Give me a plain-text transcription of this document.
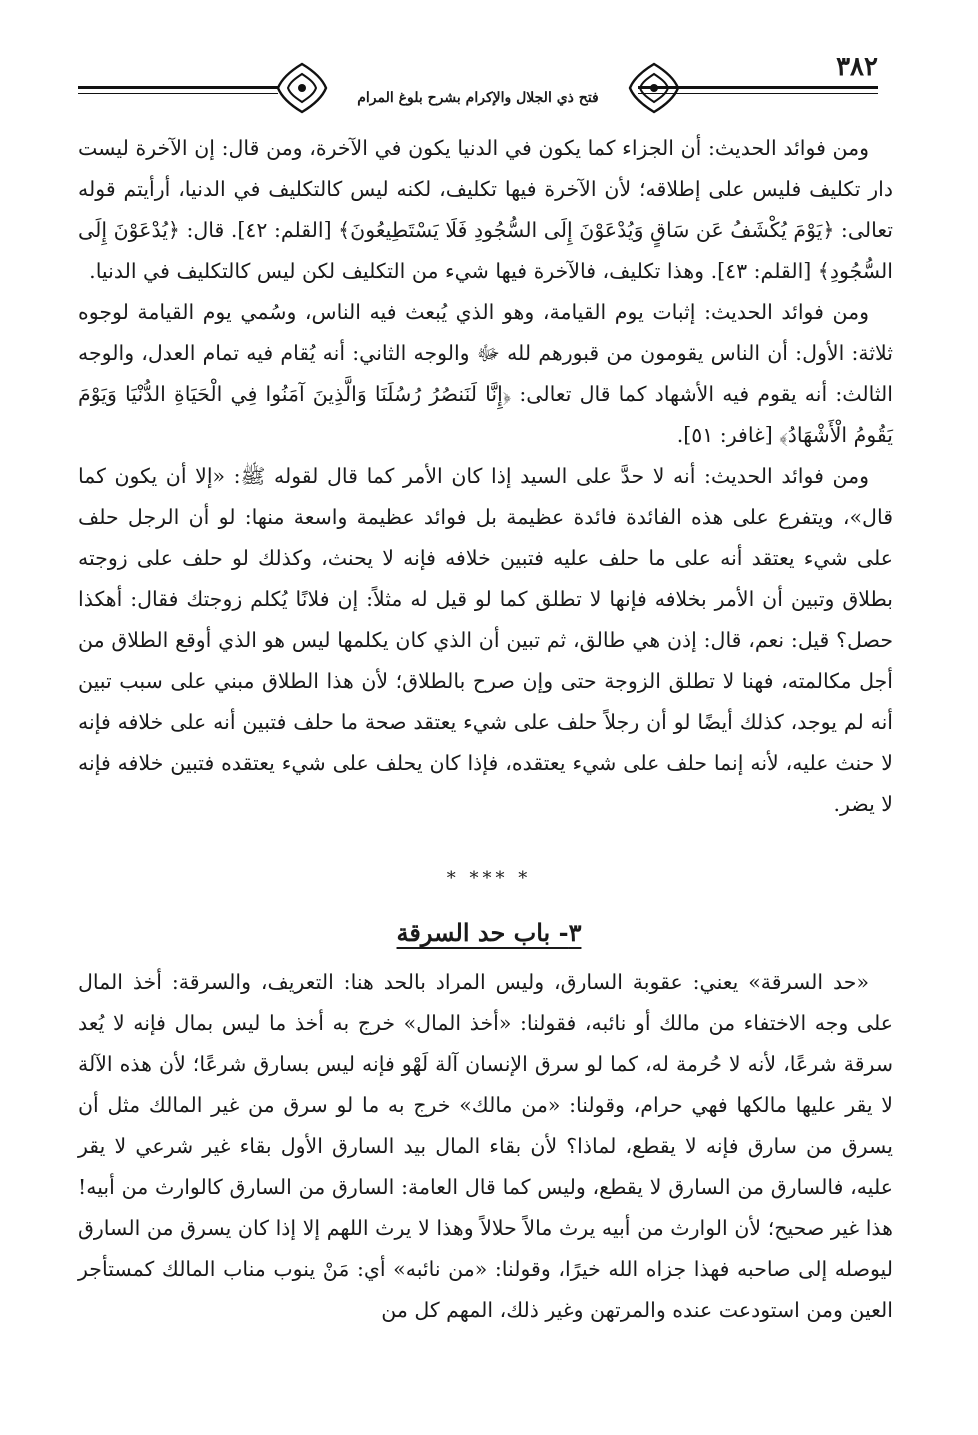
٣٨٢
فتح ذي الجلال والإكرام بشرح بلوغ المرام

ومن فوائد الحديث: أن الجزاء كما يكون في الدنيا يكون في الآخرة، ومن قال: إن الآخرة ليست دار تكليف فليس على إطلاقه؛ لأن الآخرة فيها تكليف، لكنه ليس كالتكليف في الدنيا، أرأيتم قوله تعالى: ﴿يَوْمَ يُكْشَفُ عَن سَاقٍ وَيُدْعَوْنَ إِلَى السُّجُودِ فَلَا يَسْتَطِيعُونَ﴾ [القلم: ٤٢]. قال: ﴿يُدْعَوْنَ إِلَى السُّجُودِ﴾ [القلم: ٤٣]. وهذا تكليف، فالآخرة فيها شيء من التكليف لكن ليس كالتكليف في الدنيا.

ومن فوائد الحديث: إثبات يوم القيامة، وهو الذي يُبعث فيه الناس، وسُمي يوم القيامة لوجوه ثلاثة: الأول: أن الناس يقومون من قبورهم لله ﷻ والوجه الثاني: أنه يُقام فيه تمام العدل، والوجه الثالث: أنه يقوم فيه الأشهاد كما قال تعالى: ﴿إِنَّا لَنَنصُرُ رُسُلَنَا وَالَّذِينَ آمَنُوا فِي الْحَيَاةِ الدُّنْيَا وَيَوْمَ يَقُومُ الْأَشْهَادُ﴾ [غافر: ٥١].

ومن فوائد الحديث: أنه لا حدَّ على السيد إذا كان الأمر كما قال لقوله ﷺ: «إلا أن يكون كما قال»، ويتفرع على هذه الفائدة فائدة عظيمة بل فوائد عظيمة واسعة منها: لو أن الرجل حلف على شيء يعتقد أنه على ما حلف عليه فتبين خلافه فإنه لا يحنث، وكذلك لو حلف على زوجته بطلاق وتبين أن الأمر بخلافه فإنها لا تطلق كما لو قيل له مثلاً: إن فلانًا يُكلم زوجتك فقال: أهكذا حصل؟ قيل: نعم، قال: إذن هي طالق، ثم تبين أن الذي كان يكلمها ليس هو الذي أوقع الطلاق من أجل مكالمته، فهنا لا تطلق الزوجة حتى وإن صرح بالطلاق؛ لأن هذا الطلاق مبني على سبب تبين أنه لم يوجد، كذلك أيضًا لو أن رجلاً حلف على شيء يعتقد صحة ما حلف فتبين أنه على خلافه فإنه لا حنث عليه، لأنه إنما حلف على شيء يعتقده، فإذا كان يحلف على شيء يعتقده فتبين خلافه فإنه لا يضر.

* *** *
٣- باب حد السرقة

«حد السرقة» يعني: عقوبة السارق، وليس المراد بالحد هنا: التعريف، والسرقة: أخذ المال على وجه الاختفاء من مالك أو نائبه، فقولنا: «أخذ المال» خرج به أخذ ما ليس بمال فإنه لا يُعد سرقة شرعًا، لأنه لا حُرمة له، كما لو سرق الإنسان آلة لَهْو فإنه ليس بسارق شرعًا؛ لأن هذه الآلة لا يقر عليها مالكها فهي حرام، وقولنا: «من مالك» خرج به ما لو سرق من غير المالك مثل أن يسرق من سارق فإنه لا يقطع، لماذا؟ لأن بقاء المال بيد السارق الأول بقاء غير شرعي لا يقر عليه، فالسارق من السارق لا يقطع، وليس كما قال العامة: السارق من السارق كالوارث من أبيه! هذا غير صحيح؛ لأن الوارث من أبيه يرث مالاً حلالاً وهذا لا يرث اللهم إلا إذا كان يسرق من السارق ليوصله إلى صاحبه فهذا جزاه الله خيرًا، وقولنا: «من نائبه» أي: مَنْ ينوب مناب المالك كمستأجر العين ومن استودعت عنده والمرتهن وغير ذلك، المهم كل من
